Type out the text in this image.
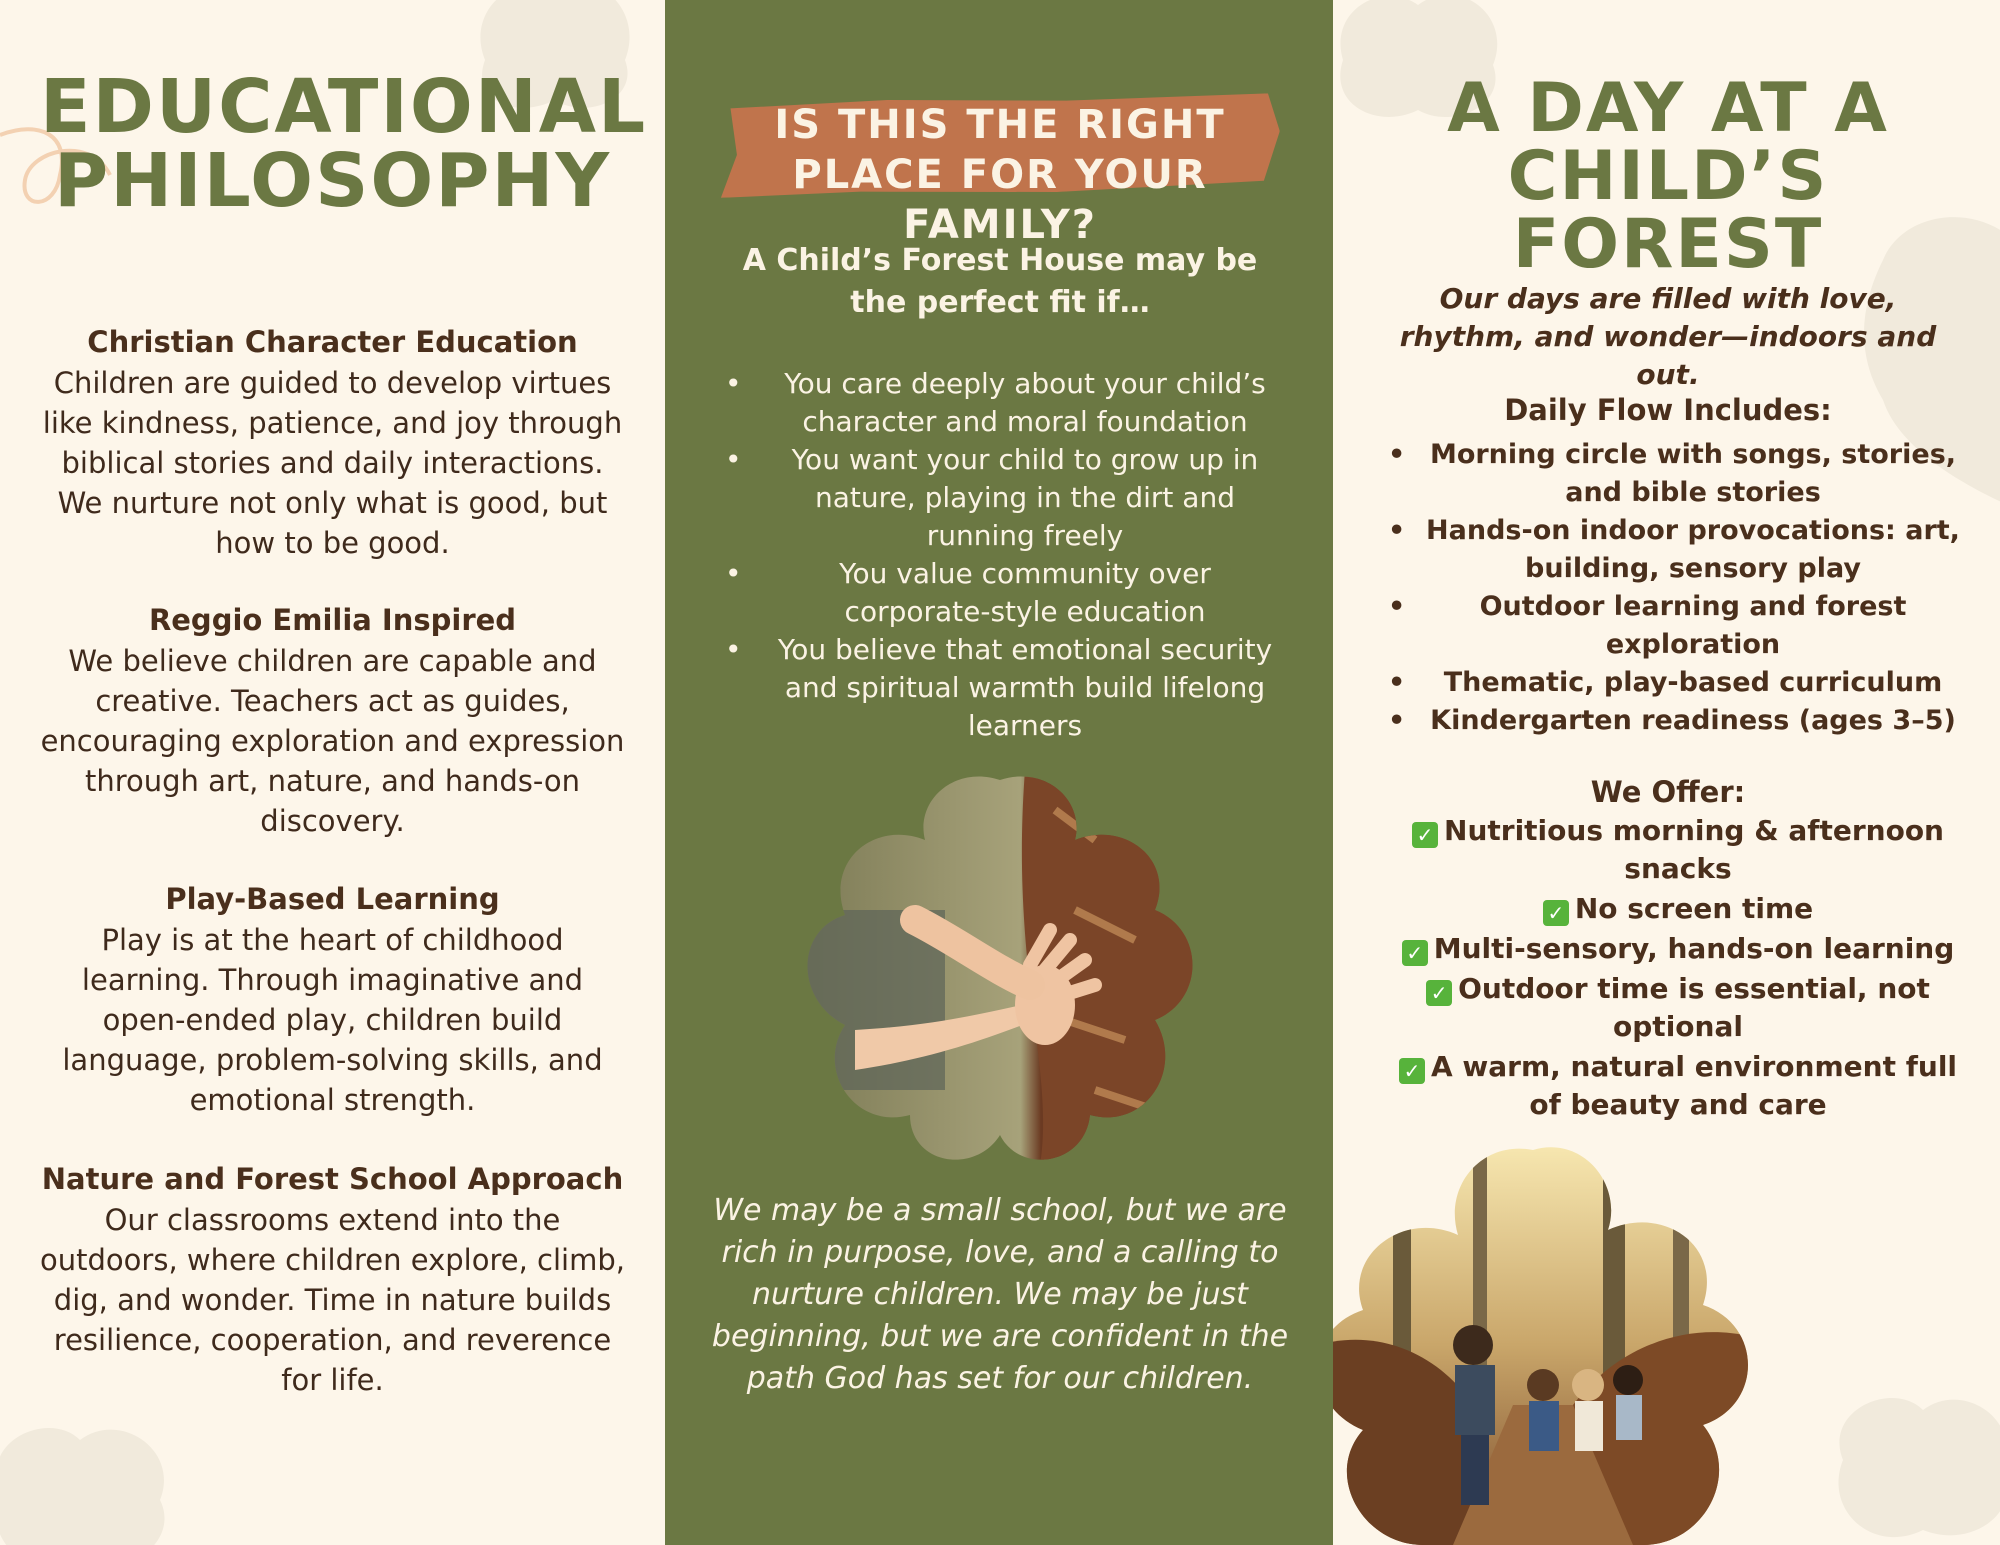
EDUCATIONAL PHILOSOPHY
Christian Character Education

Children are guided to develop virtues like kindness, patience, and joy through biblical stories and daily interactions. We nurture not only what is good, but how to be good.

Reggio Emilia Inspired

We believe children are capable and creative. Teachers act as guides, encouraging exploration and expression through art, nature, and hands-on discovery.

Play-Based Learning

Play is at the heart of childhood learning. Through imaginative and open-ended play, children build language, problem-solving skills, and emotional strength.

Nature and Forest School Approach

Our classrooms extend into the outdoors, where children explore, climb, dig, and wonder. Time in nature builds resilience, cooperation, and reverence for life.

IS THIS THE RIGHT PLACE FOR YOUR FAMILY?
A Child’s Forest House may be the perfect fit if…
• You care deeply about your child’s character and moral foundation
• You want your child to grow up in nature, playing in the dirt and running freely
• You value community over corporate-style education
• You believe that emotional security and spiritual warmth build lifelong learners
We may be a small school, but we are rich in purpose, love, and a calling to nurture children. We may be just beginning, but we are confident in the path God has set for our children.
A DAY AT A CHILD’S FOREST
Our days are filled with love, rhythm, and wonder—indoors and out.
Daily Flow Includes:
• Morning circle with songs, stories, and bible stories
• Hands-on indoor provocations: art, building, sensory play
• Outdoor learning and forest exploration
• Thematic, play-based curriculum
• Kindergarten readiness (ages 3–5)
We Offer:
✓ Nutritious morning & afternoon snacks
✓ No screen time
✓ Multi-sensory, hands-on learning
✓ Outdoor time is essential, not optional
✓ A warm, natural environment full of beauty and care
